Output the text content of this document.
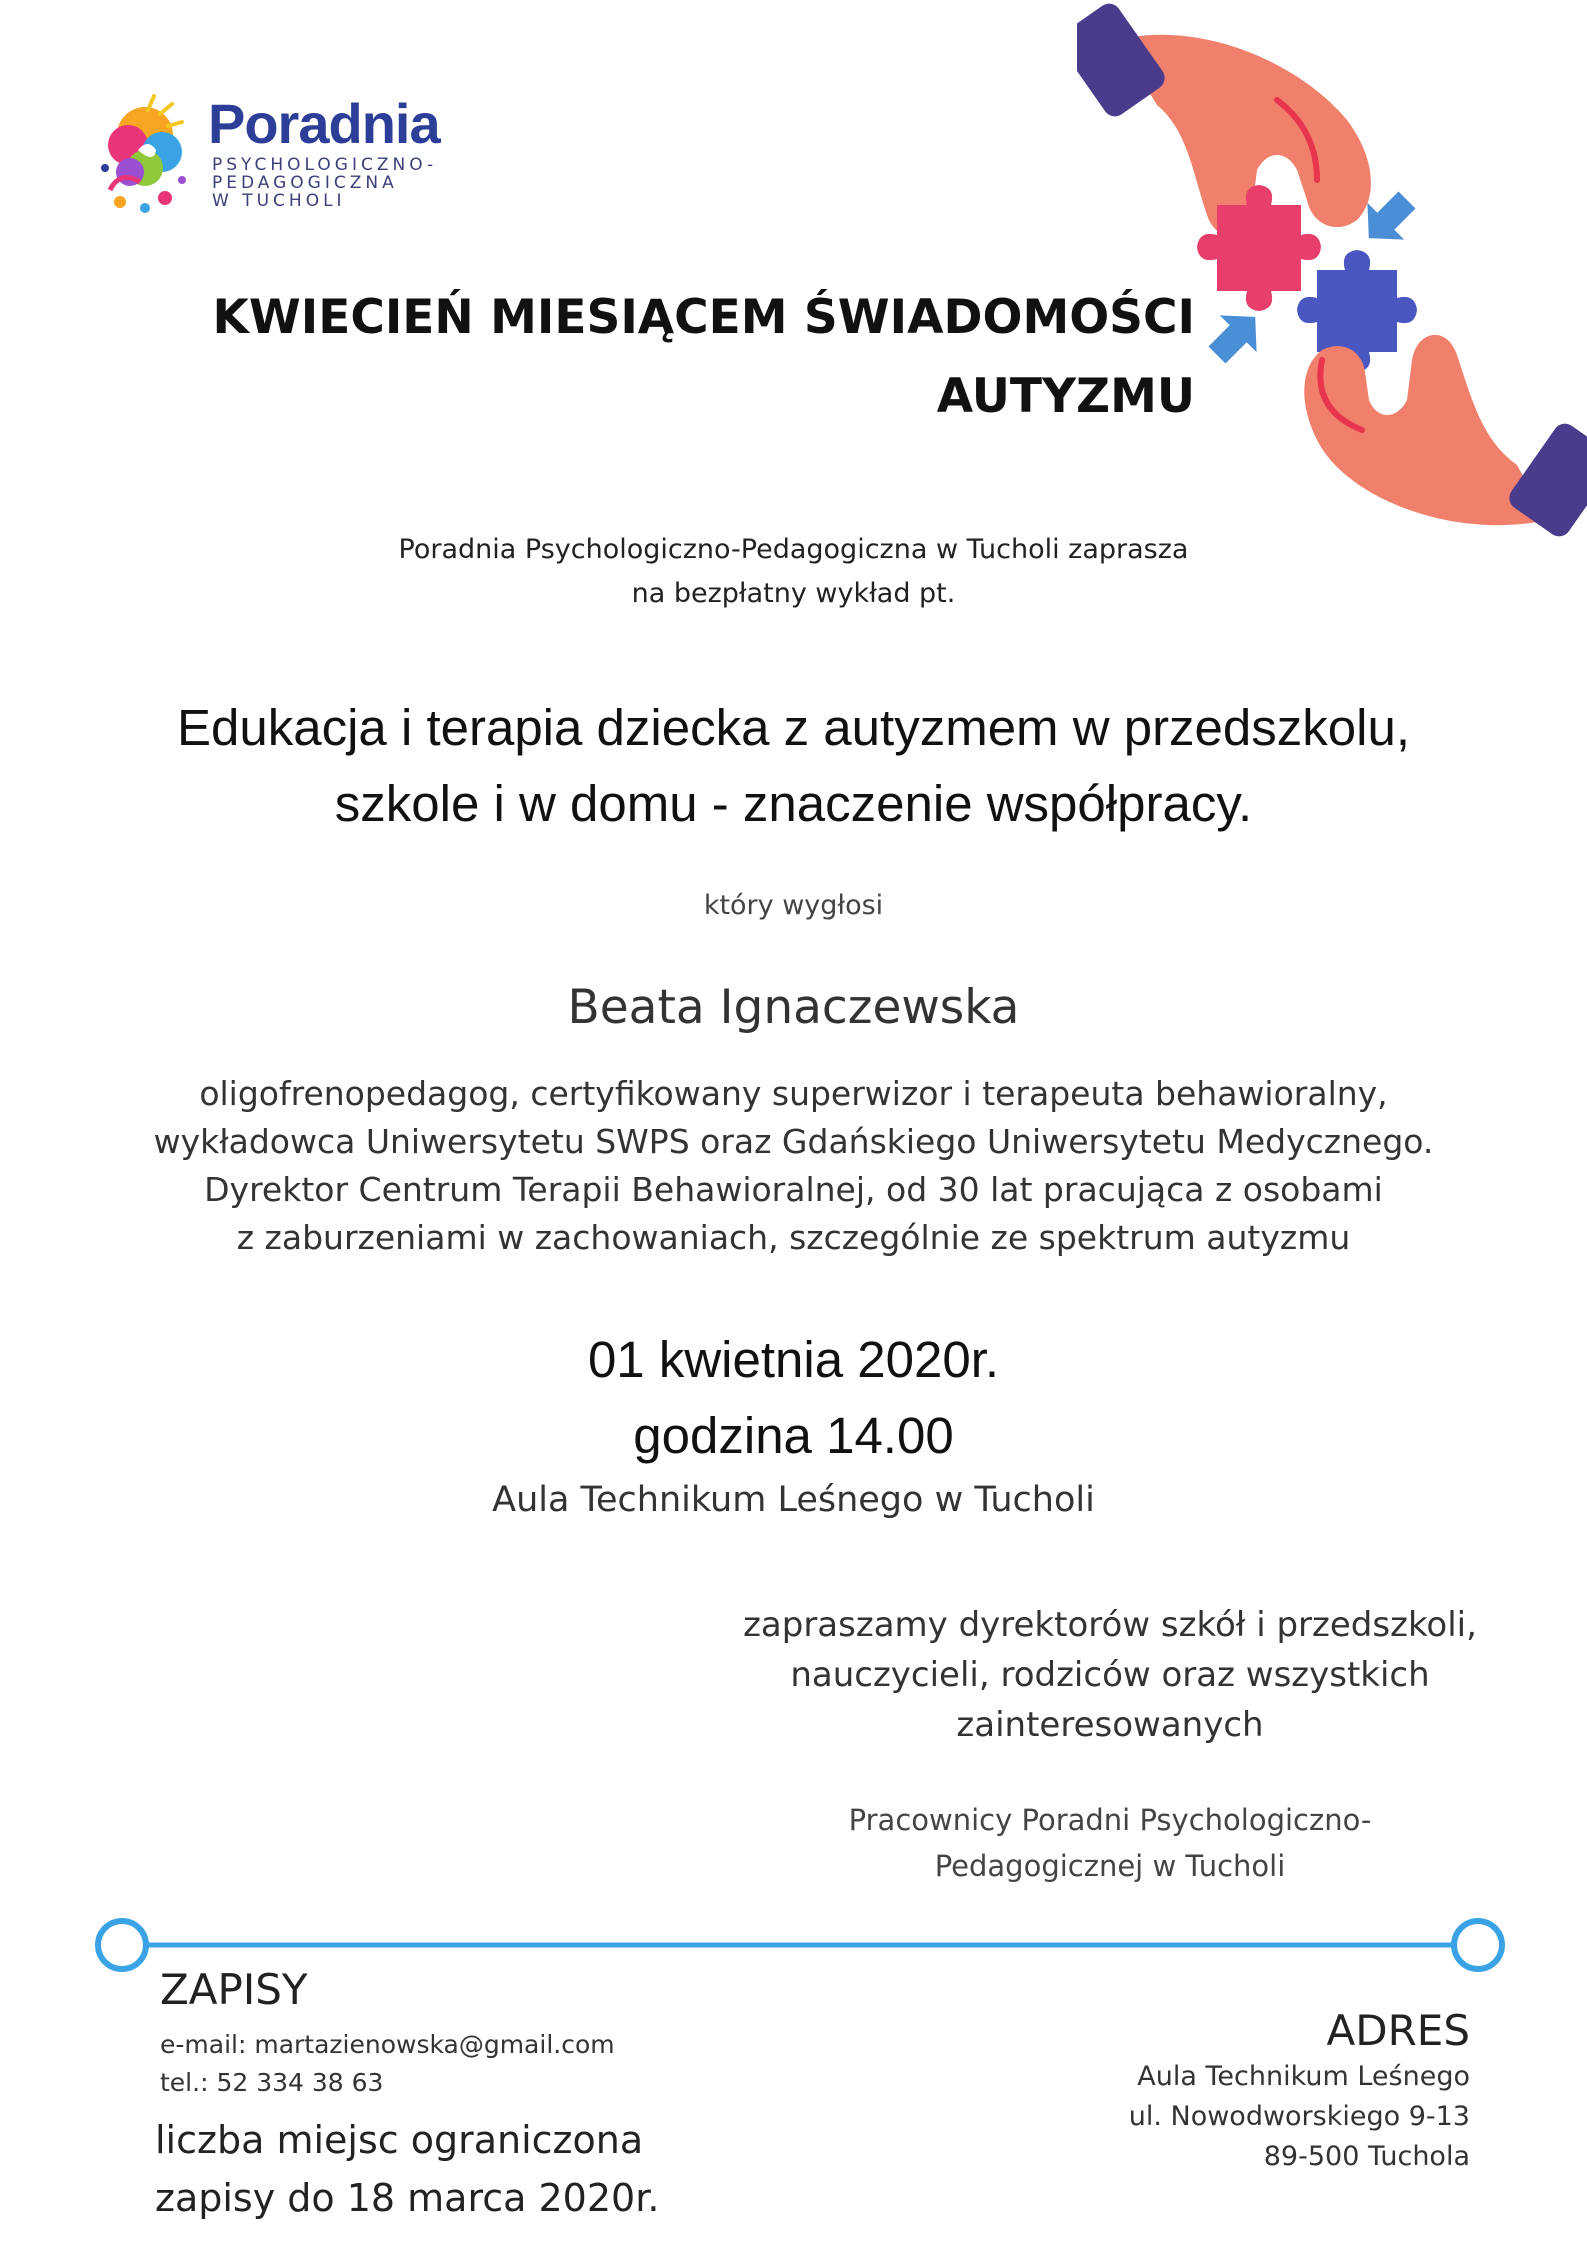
Poradnia
PSYCHOLOGICZNO-
PEDAGOGICZNA
W TUCHOLI
KWIECIEŃ MIESIĄCEM ŚWIADOMOŚCI
AUTYZMU
Poradnia Psychologiczno-Pedagogiczna w Tucholi zaprasza
na bezpłatny wykład pt.
Edukacja i terapia dziecka z autyzmem w przedszkolu,
szkole i w domu - znaczenie współpracy.
który wygłosi
Beata Ignaczewska
oligofrenopedagog, certyfikowany superwizor i terapeuta behawioralny,
wykładowca Uniwersytetu SWPS oraz Gdańskiego Uniwersytetu Medycznego.
Dyrektor Centrum Terapii Behawioralnej, od 30 lat pracująca z osobami
z zaburzeniami w zachowaniach, szczególnie ze spektrum autyzmu
01 kwietnia 2020r.
godzina 14.00
Aula Technikum Leśnego w Tucholi
zapraszamy dyrektorów szkół i przedszkoli,
nauczycieli, rodziców oraz wszystkich
zainteresowanych
Pracownicy Poradni Psychologiczno-
Pedagogicznej w Tucholi
ZAPISY
e-mail: martazienowska@gmail.com
tel.: 52 334 38 63
liczba miejsc ograniczona
zapisy do 18 marca 2020r.
ADRES
Aula Technikum Leśnego
ul. Nowodworskiego 9-13
89-500 Tuchola
